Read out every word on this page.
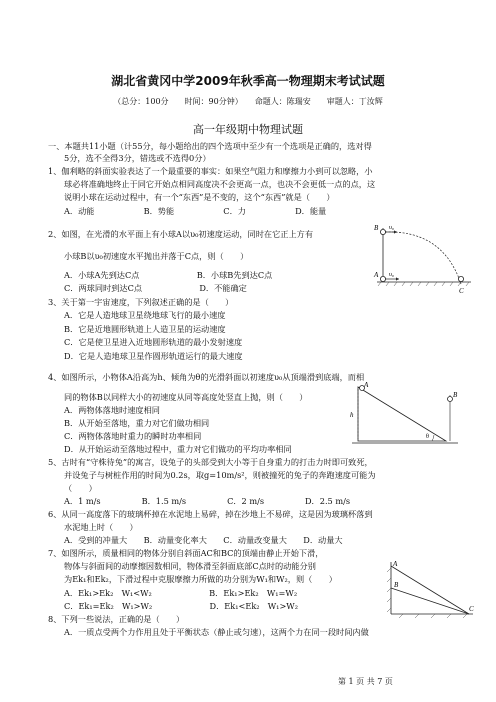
湖北省黄冈中学2009年秋季高一物理期末考试试题
（总分：100分　　时间：90分钟）　　命题人：陈瑞安　　审题人：丁汝辉
高一年级期中物理试题
一、本题共11小题（计55分，每小题给出的四个选项中至少有一个选项是正确的，选对得
5分，选不全得3分，错选或不选得0分）
1、伽利略的斜面实验表达了一个最重要的事实：如果空气阻力和摩擦力小到可以忽略，小
球必将准确地终止于同它开始点相同高度决不会更高一点，也决不会更低一点的点，这
说明小球在运动过程中，有一个“东西”是不变的，这个“东西”就是（　　）
A．动能　　　　　　B．势能　　　　　　C．力　　　　　　D．能量
2、如图，在光滑的水平面上有小球A以υ₀初速度运动，同时在它正上方有
小球B以υ₀初速度水平抛出并落于C点，则（　　）
A．小球A先到达C点　　　　　　　B．小球B先到达C点
C．两球同时到达C点　　　　　　　D．不能确定
3、关于第一宇宙速度，下列叙述正确的是（　　）
A．它是人造地球卫星绕地球飞行的最小速度
B．它是近地圆形轨道上人造卫星的运动速度
C．它是使卫星进入近地圆形轨道的最小发射速度
D．它是人造地球卫星作圆形轨道运行的最大速度
4、如图所示，小物体A沿高为h、倾角为θ的光滑斜面以初速度υ₀从顶端滑到底端，而相
同的物体B以同样大小的初速度从同等高度处竖直上抛，则（　　）
A．两物体落地时速度相同
B．从开始至落地，重力对它们做功相同
C．两物体落地时重力的瞬时功率相同
D．从开始运动至落地过程中，重力对它们做功的平均功率相同
5、古时有“守株待兔”的寓言，设兔子的头部受到大小等于自身重力的打击力时即可致死，
并设兔子与树桩作用的时间为0.2s，取g=10m/s²，则被撞死的兔子的奔跑速度可能为
（　　）
A．1 m/s　　　　　B．1.5 m/s　　　　　C．2 m/s　　　　　D．2.5 m/s
6、从同一高度落下的玻璃杯掉在水泥地上易碎，掉在沙地上不易碎，这是因为玻璃杯落到
水泥地上时（　　）
A．受到的冲量大　　B．动量变化率大　　C．动量改变量大　　D．动量大
7、如图所示，质量相同的物体分别自斜面AC和BC的顶端由静止开始下滑，
物体与斜面间的动摩擦因数相同，物体滑至斜面底部C点时的动能分别
为Ek₁和Ek₂，下滑过程中克服摩擦力所做的功分别为W₁和W₂，则（　　）
A．Ek₁>Ek₂　W₁<W₂　　　　　　　B．Ek₁>Ek₂　W₁=W₂
C．Ek₁=Ek₂　W₁>W₂　　　　　　　D．Ek₁<Ek₂　W₁>W₂
8、下列一些说法，正确的是（　　）
A．一质点受两个力作用且处于平衡状态（静止或匀速），这两个力在同一段时间内做
B υ₀
A υ₀
C
A
h
θ
B
A
B
C
第 1 页 共 7 页
